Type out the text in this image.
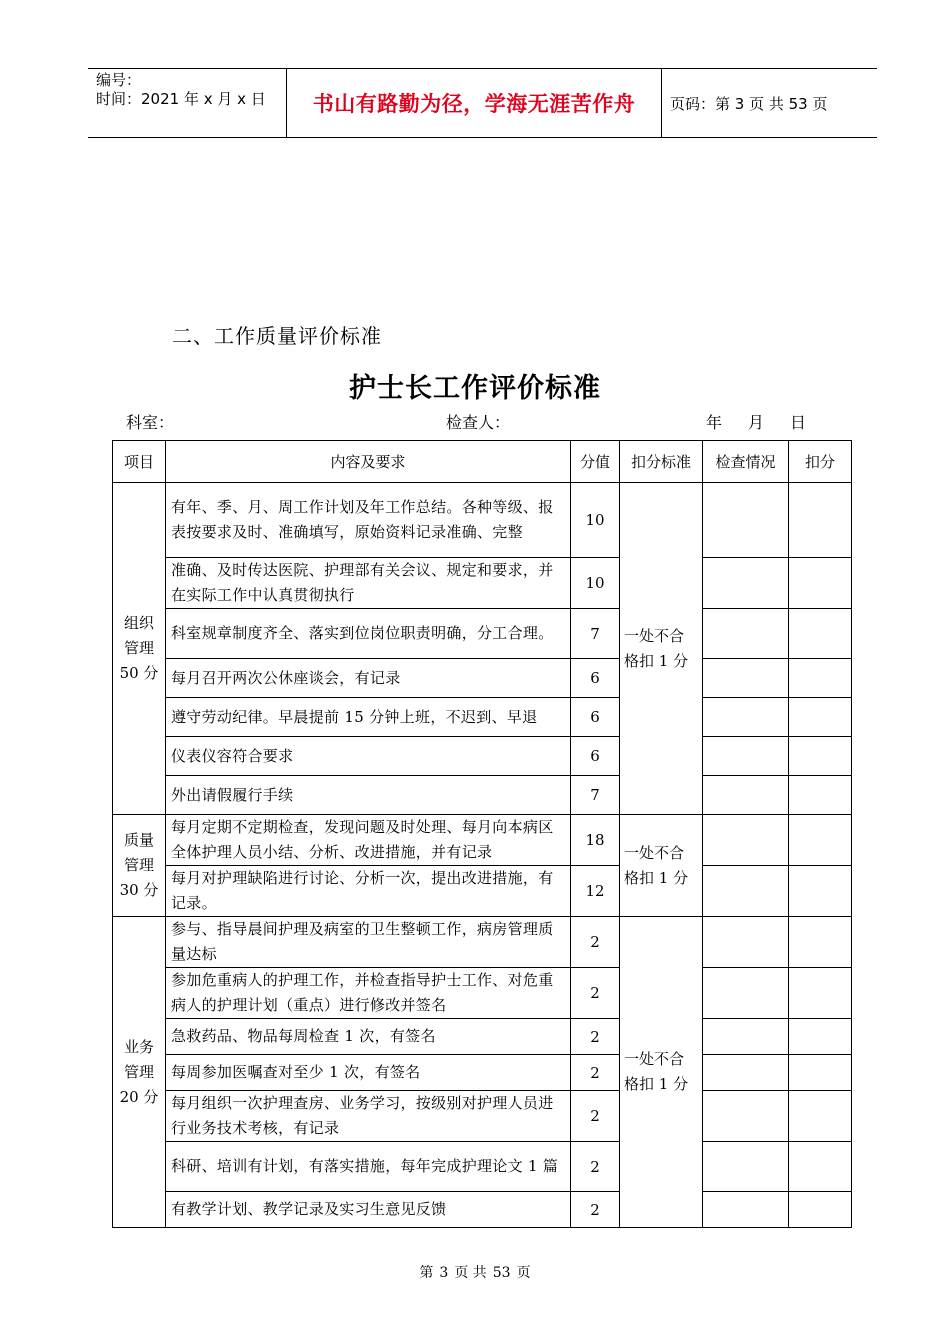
编号：
时间：2021 年 x 月 x 日	书山有路勤为径，学海无涯苦作舟	页码：第 3 页 共 53 页
二、工作质量评价标准
护士长工作评价标准
科室：	检查人：	年 月 日
项目	内容及要求	分值	扣分标准	检查情况	扣分
组织
管理
50 分	有年、季、月、周工作计划及年工作总结。各种等级、报表按要求及时、准确填写，原始资料记录准确、完整	10	一处不合格扣 1 分		
	准确、及时传达医院、护理部有关会议、规定和要求，并在实际工作中认真贯彻执行	10			
	科室规章制度齐全、落实到位岗位职责明确，分工合理。	7			
	每月召开两次公休座谈会，有记录	6			
	遵守劳动纪律。早晨提前 15 分钟上班，不迟到、早退	6			
	仪表仪容符合要求	6			
	外出请假履行手续	7			
质量
管理
30 分	每月定期不定期检查，发现问题及时处理、每月向本病区全体护理人员小结、分析、改进措施，并有记录	18	一处不合格扣 1 分		
	每月对护理缺陷进行讨论、分析一次，提出改进措施，有记录。	12			
业务
管理
20 分	参与、指导晨间护理及病室的卫生整顿工作，病房管理质量达标	2	一处不合格扣 1 分		
	参加危重病人的护理工作，并检查指导护士工作、对危重病人的护理计划（重点）进行修改并签名	2			
	急救药品、物品每周检查 1 次，有签名	2			
	每周参加医嘱查对至少 1 次，有签名	2			
	每月组织一次护理查房、业务学习，按级别对护理人员进行业务技术考核，有记录	2			
	科研、培训有计划，有落实措施，每年完成护理论文 1 篇	2			
	有教学计划、教学记录及实习生意见反馈	2			
第 3 页 共 53 页
